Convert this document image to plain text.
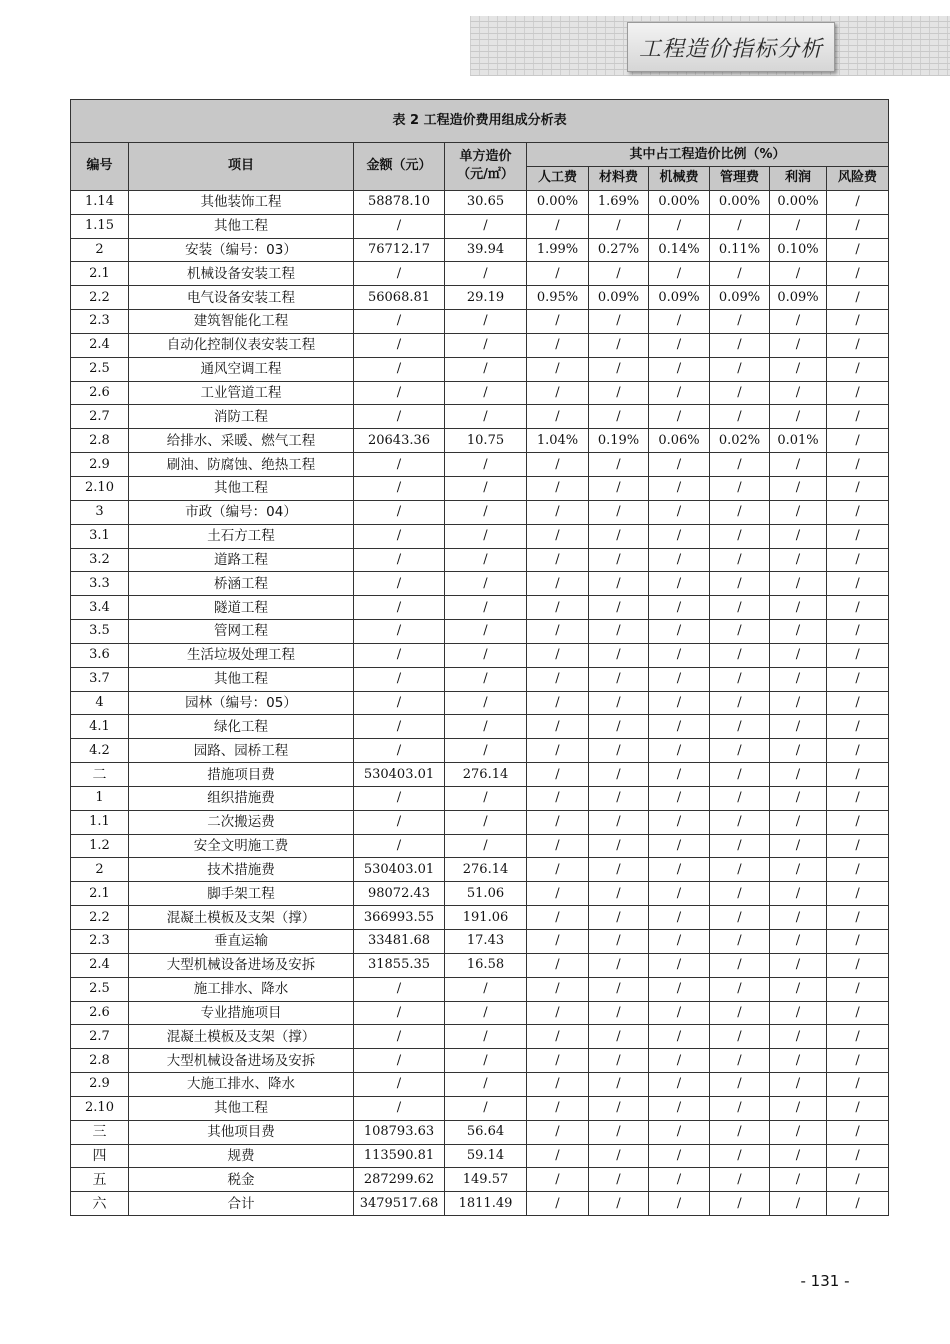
工程造价指标分析
表 2 工程造价费用组成分析表									
编号	项目	金额（元）	单方造价（元/㎡）	其中占工程造价比例（%）					
				人工费	材料费	机械费	管理费	利润	风险费
1.14	其他装饰工程	58878.10	30.65	0.00%	1.69%	0.00%	0.00%	0.00%	/
1.15	其他工程	/	/	/	/	/	/	/	/
2	安装（编号：03）	76712.17	39.94	1.99%	0.27%	0.14%	0.11%	0.10%	/
2.1	机械设备安装工程	/	/	/	/	/	/	/	/
2.2	电气设备安装工程	56068.81	29.19	0.95%	0.09%	0.09%	0.09%	0.09%	/
2.3	建筑智能化工程	/	/	/	/	/	/	/	/
2.4	自动化控制仪表安装工程	/	/	/	/	/	/	/	/
2.5	通风空调工程	/	/	/	/	/	/	/	/
2.6	工业管道工程	/	/	/	/	/	/	/	/
2.7	消防工程	/	/	/	/	/	/	/	/
2.8	给排水、采暖、燃气工程	20643.36	10.75	1.04%	0.19%	0.06%	0.02%	0.01%	/
2.9	刷油、防腐蚀、绝热工程	/	/	/	/	/	/	/	/
2.10	其他工程	/	/	/	/	/	/	/	/
3	市政（编号：04）	/	/	/	/	/	/	/	/
3.1	土石方工程	/	/	/	/	/	/	/	/
3.2	道路工程	/	/	/	/	/	/	/	/
3.3	桥涵工程	/	/	/	/	/	/	/	/
3.4	隧道工程	/	/	/	/	/	/	/	/
3.5	管网工程	/	/	/	/	/	/	/	/
3.6	生活垃圾处理工程	/	/	/	/	/	/	/	/
3.7	其他工程	/	/	/	/	/	/	/	/
4	园林（编号：05）	/	/	/	/	/	/	/	/
4.1	绿化工程	/	/	/	/	/	/	/	/
4.2	园路、园桥工程	/	/	/	/	/	/	/	/
二	措施项目费	530403.01	276.14	/	/	/	/	/	/
1	组织措施费	/	/	/	/	/	/	/	/
1.1	二次搬运费	/	/	/	/	/	/	/	/
1.2	安全文明施工费	/	/	/	/	/	/	/	/
2	技术措施费	530403.01	276.14	/	/	/	/	/	/
2.1	脚手架工程	98072.43	51.06	/	/	/	/	/	/
2.2	混凝土模板及支架（撑）	366993.55	191.06	/	/	/	/	/	/
2.3	垂直运输	33481.68	17.43	/	/	/	/	/	/
2.4	大型机械设备进场及安拆	31855.35	16.58	/	/	/	/	/	/
2.5	施工排水、降水	/	/	/	/	/	/	/	/
2.6	专业措施项目	/	/	/	/	/	/	/	/
2.7	混凝土模板及支架（撑）	/	/	/	/	/	/	/	/
2.8	大型机械设备进场及安拆	/	/	/	/	/	/	/	/
2.9	大施工排水、降水	/	/	/	/	/	/	/	/
2.10	其他工程	/	/	/	/	/	/	/	/
三	其他项目费	108793.63	56.64	/	/	/	/	/	/
四	规费	113590.81	59.14	/	/	/	/	/	/
五	税金	287299.62	149.57	/	/	/	/	/	/
六	合计	3479517.68	1811.49	/	/	/	/	/	/
- 131 -
